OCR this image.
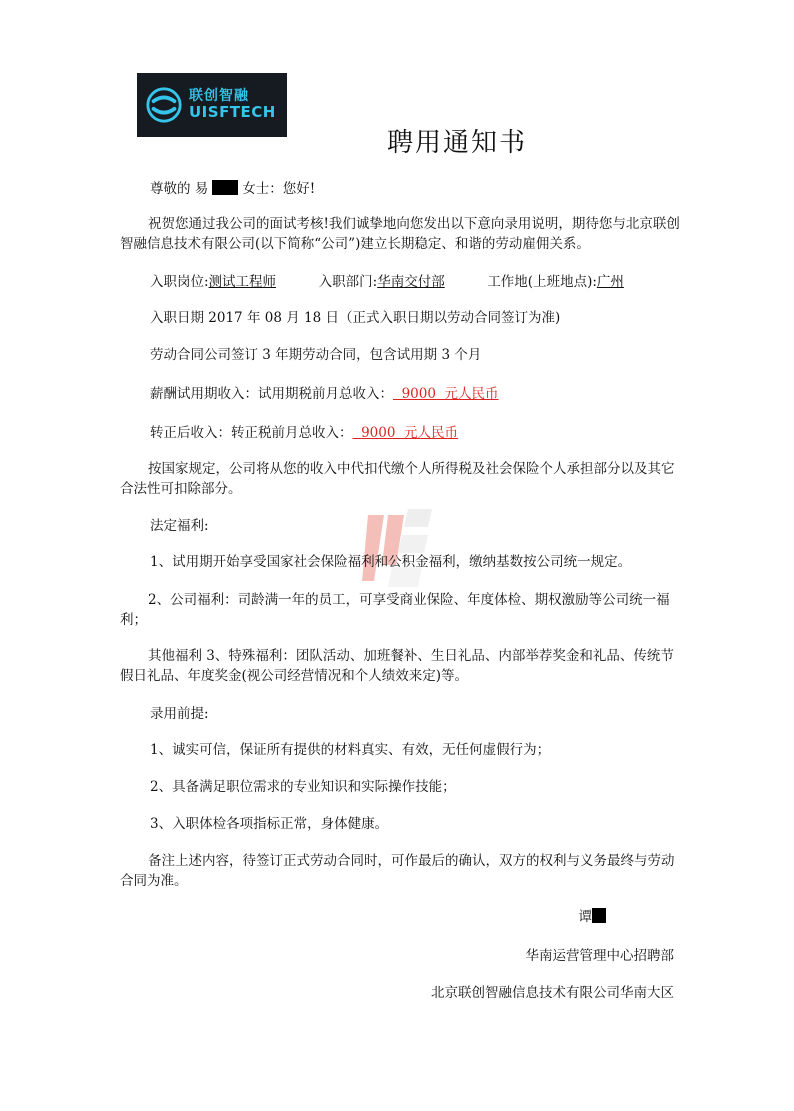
联创智融
UISFTECH
聘用通知书
尊敬的 易	女士：您好!
祝贺您通过我公司的面试考核!我们诚挚地向您发出以下意向录用说明，期待您与北京联创智融信息技术有限公司(以下简称“公司”)建立长期稳定、和谐的劳动雇佣关系。
入职岗位:测试工程师	入职部门:华南交付部	工作地(上班地点):广州
入职日期 2017 年 08 月 18 日（正式入职日期以劳动合同签订为准)
劳动合同公司签订 3 年期劳动合同，包含试用期 3 个月
薪酬试用期收入：试用期税前月总收入：  9000  元人民币
转正后收入：转正税前月总收入：  9000  元人民币
按国家规定，公司将从您的收入中代扣代缴个人所得税及社会保险个人承担部分以及其它合法性可扣除部分。
法定福利:
1、试用期开始享受国家社会保险福利和公积金福利，缴纳基数按公司统一规定。
2、公司福利：司龄满一年的员工，可享受商业保险、年度体检、期权激励等公司统一福利；
其他福利 3、特殊福利：团队活动、加班餐补、生日礼品、内部举荐奖金和礼品、传统节假日礼品、年度奖金(视公司经营情况和个人绩效来定)等。
录用前提:
1、诚实可信，保证所有提供的材料真实、有效，无任何虚假行为；
2、具备满足职位需求的专业知识和实际操作技能；
3、入职体检各项指标正常，身体健康。
备注上述内容，待签订正式劳动合同时，可作最后的确认，双方的权利与义务最终与劳动合同为准。
谭
华南运营管理中心招聘部
北京联创智融信息技术有限公司华南大区
